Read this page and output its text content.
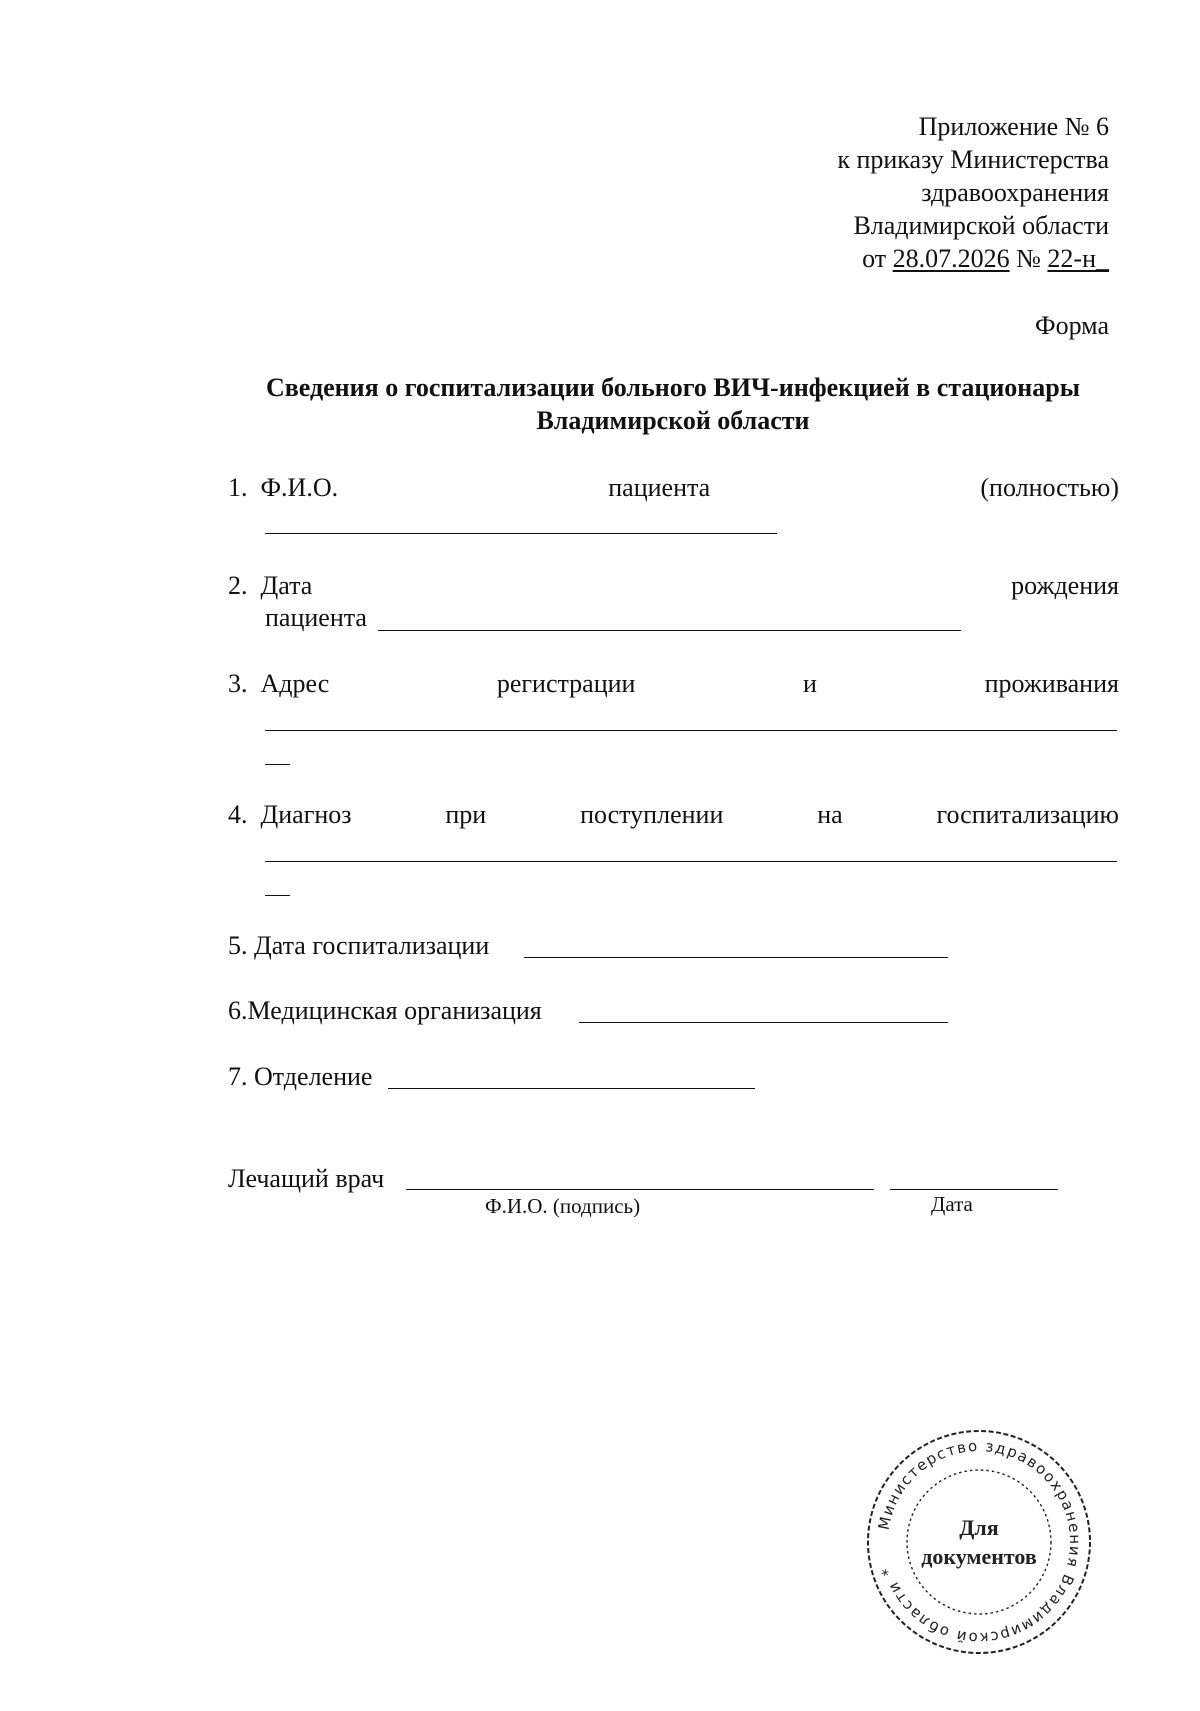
Приложение № 6
к приказу Министерства
здравоохранения
Владимирской области
от 28.07.2026 № 22-н_
Форма
Сведения о госпитализации больного ВИЧ-инфекцией в стационары
Владимирской области
1. Ф.И.О.	пациента	(полностью)
2. Дата	рождения
пациента
3. Адрес	регистрации	и	проживания
4. Диагноз	при	поступлении	на	госпитализацию
5. Дата госпитализации
6.Медицинская организация
7. Отделение
Лечащий врач
Ф.И.О. (подпись)	Дата
Министерство здравоохранения Владимирской области *
Для
документов
